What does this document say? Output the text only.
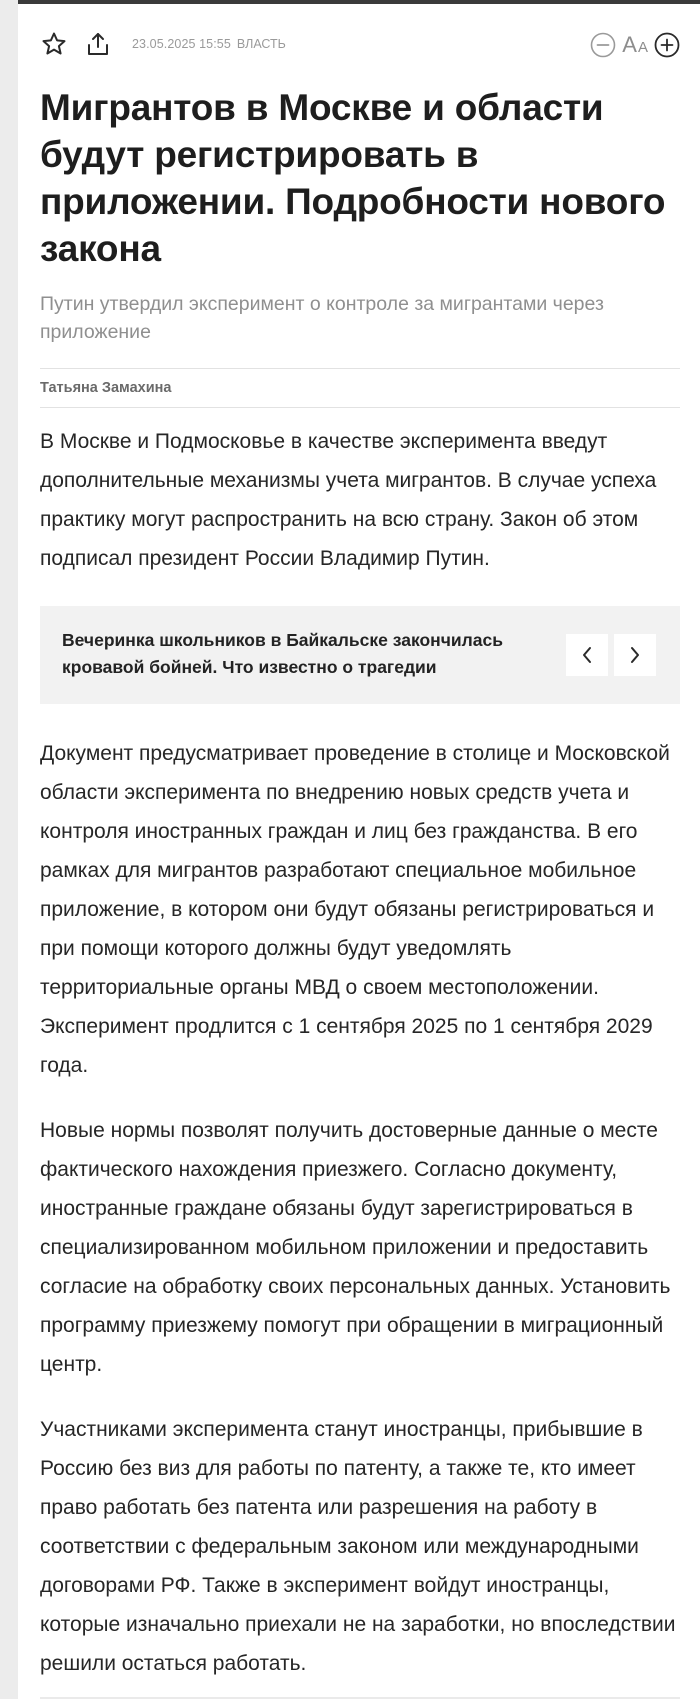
23.05.2025 15:55 ВЛАСТЬ	А А
Мигрантов в Москве и области будут регистрировать в приложении. Подробности нового закона
Путин утвердил эксперимент о контроле за мигрантами через приложение
Татьяна Замахина

В Москве и Подмосковье в качестве эксперимента введут дополнительные механизмы учета мигрантов. В случае успеха практику могут распространить на всю страну. Закон об этом подписал президент России Владимир Путин.

Вечеринка школьников в Байкальске закончилась кровавой бойней. Что известно о трагедии

Документ предусматривает проведение в столице и Московской области эксперимента по внедрению новых средств учета и контроля иностранных граждан и лиц без гражданства. В его рамках для мигрантов разработают специальное мобильное приложение, в котором они будут обязаны регистрироваться и при помощи которого должны будут уведомлять территориальные органы МВД о своем местоположении. Эксперимент продлится с 1 сентября 2025 по 1 сентября 2029 года.

Новые нормы позволят получить достоверные данные о месте фактического нахождения приезжего. Согласно документу, иностранные граждане обязаны будут зарегистрироваться в специализированном мобильном приложении и предоставить согласие на обработку своих персональных данных. Установить программу приезжему помогут при обращении в миграционный центр.

Участниками эксперимента станут иностранцы, прибывшие в Россию без виз для работы по патенту, а также те, кто имеет право работать без патента или разрешения на работу в соответствии с федеральным законом или международными договорами РФ. Также в эксперимент войдут иностранцы, которые изначально приехали не на заработки, но впоследствии решили остаться работать.
